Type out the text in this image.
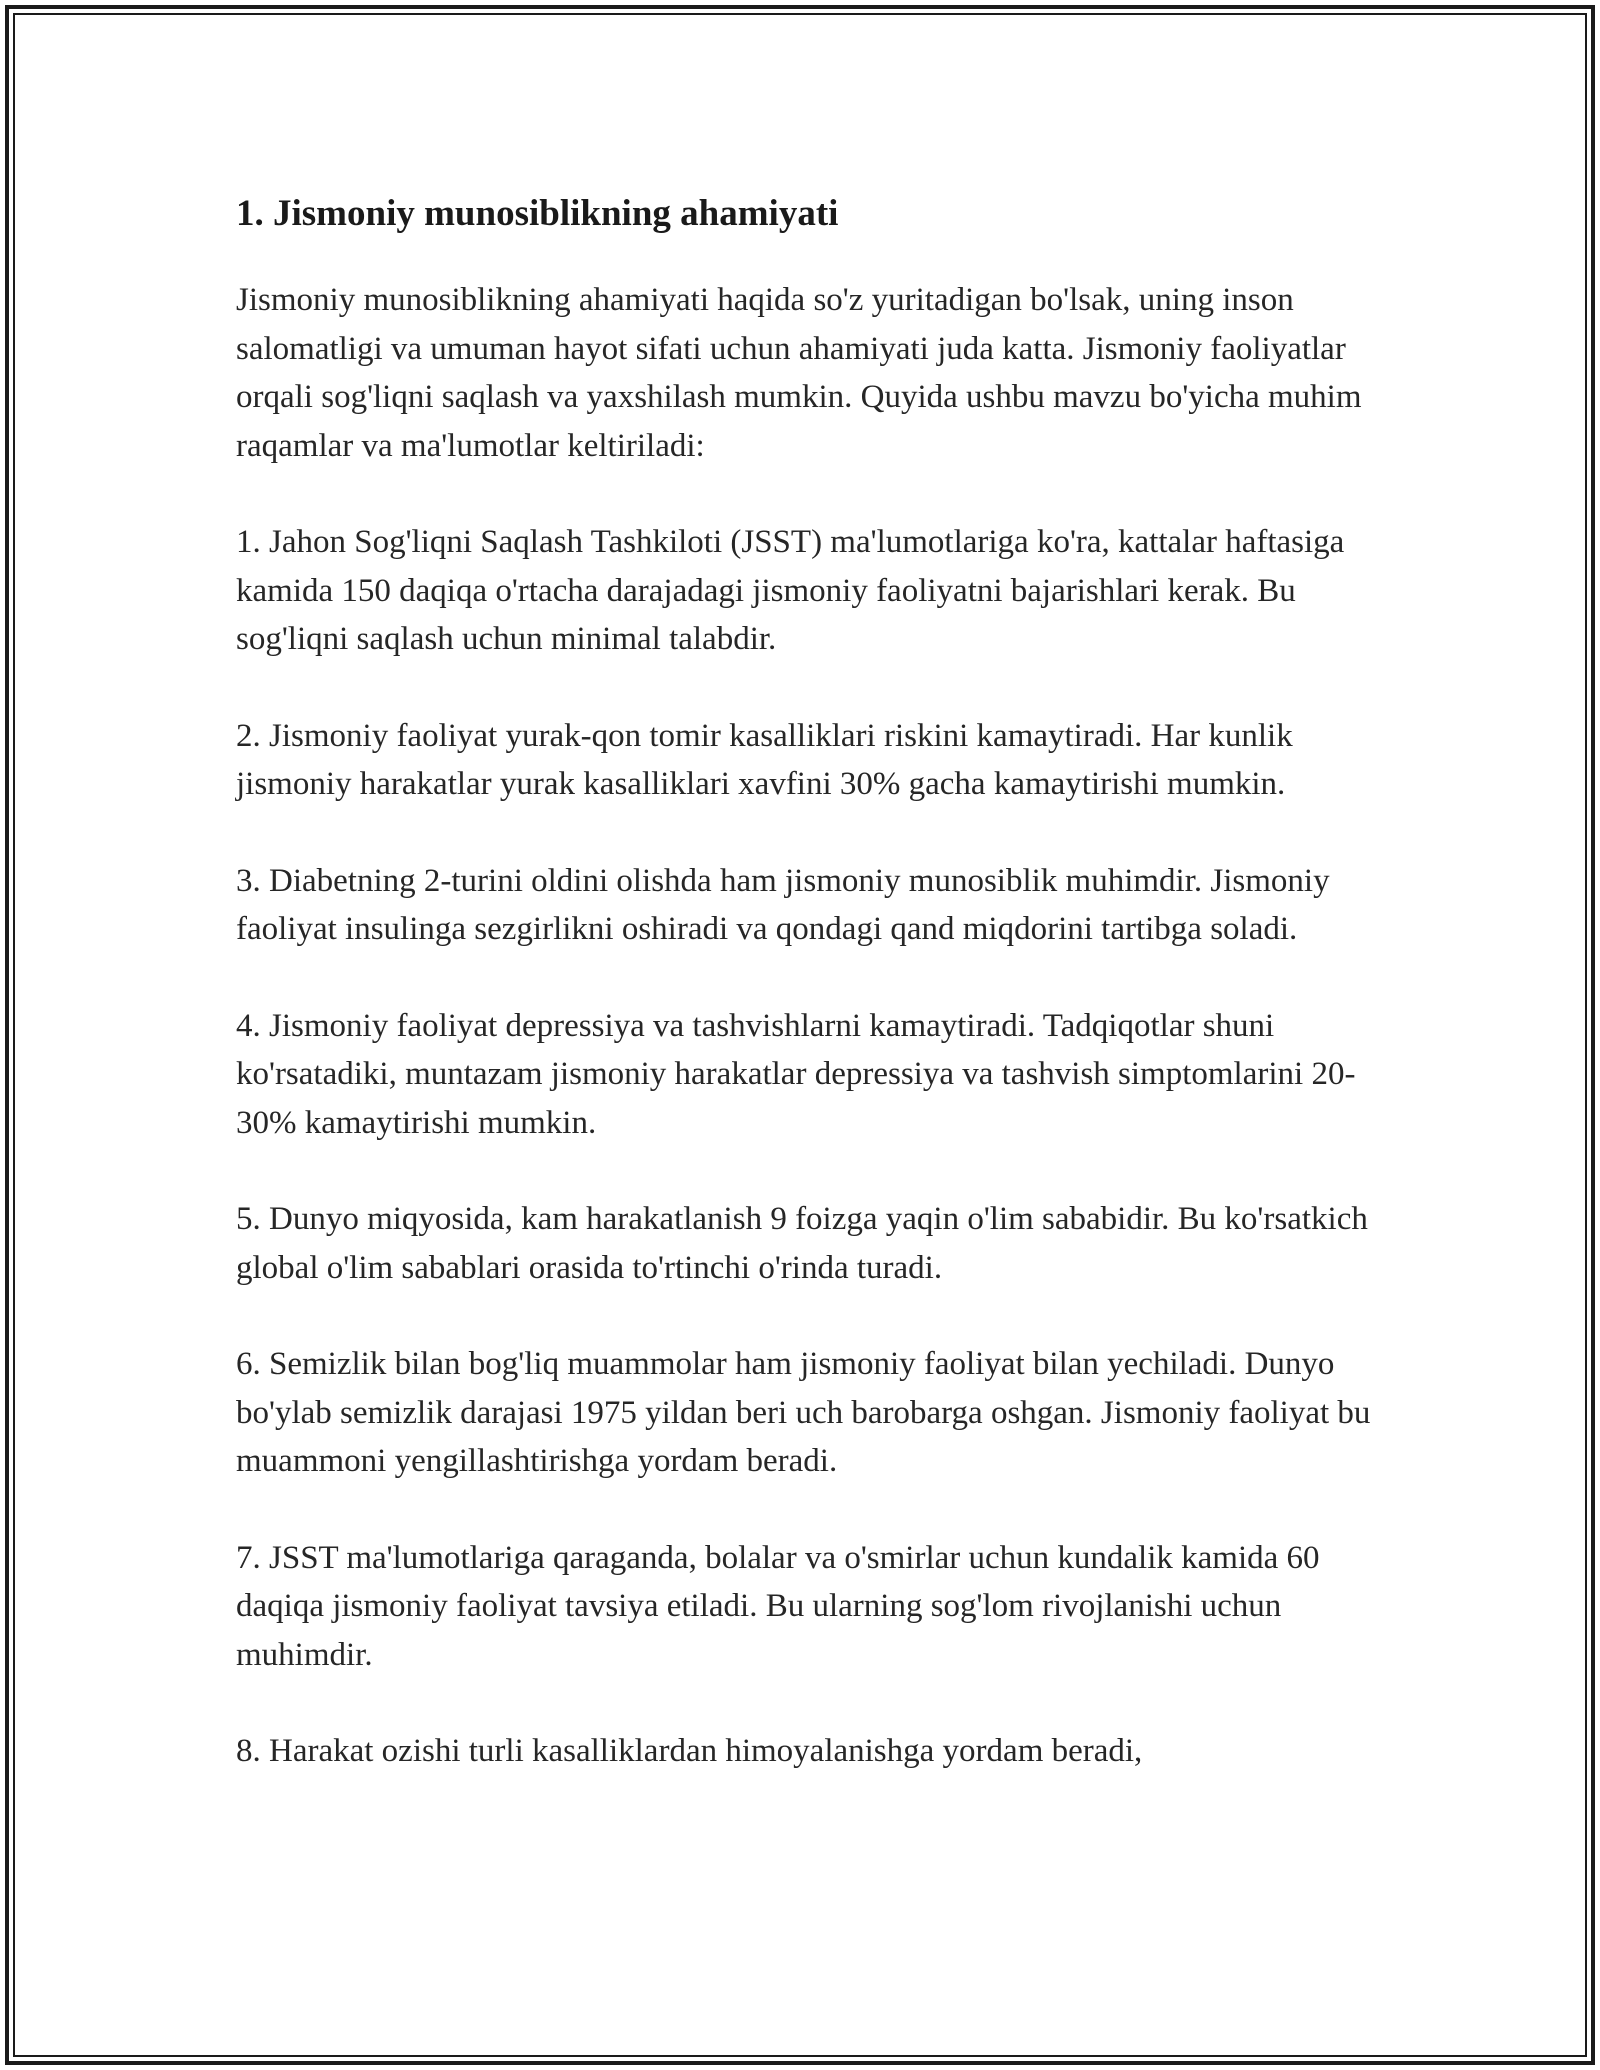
1. Jismoniy munosiblikning ahamiyati

Jismoniy munosiblikning ahamiyati haqida so'z yuritadigan bo'lsak, uning inson salomatligi va umuman hayot sifati uchun ahamiyati juda katta. Jismoniy faoliyatlar orqali sog'liqni saqlash va yaxshilash mumkin. Quyida ushbu mavzu bo'yicha muhim raqamlar va ma'lumotlar keltiriladi:

1. Jahon Sog'liqni Saqlash Tashkiloti (JSST) ma'lumotlariga ko'ra, kattalar haftasiga kamida 150 daqiqa o'rtacha darajadagi jismoniy faoliyatni bajarishlari kerak. Bu sog'liqni saqlash uchun minimal talabdir.

2. Jismoniy faoliyat yurak-qon tomir kasalliklari riskini kamaytiradi. Har kunlik jismoniy harakatlar yurak kasalliklari xavfini 30% gacha kamaytirishi mumkin.

3. Diabetning 2-turini oldini olishda ham jismoniy munosiblik muhimdir. Jismoniy faoliyat insulinga sezgirlikni oshiradi va qondagi qand miqdorini tartibga soladi.

4. Jismoniy faoliyat depressiya va tashvishlarni kamaytiradi. Tadqiqotlar shuni ko'rsatadiki, muntazam jismoniy harakatlar depressiya va tashvish simptomlarini 20-30% kamaytirishi mumkin.

5. Dunyo miqyosida, kam harakatlanish 9 foizga yaqin o'lim sababidir. Bu ko'rsatkich global o'lim sabablari orasida to'rtinchi o'rinda turadi.

6. Semizlik bilan bog'liq muammolar ham jismoniy faoliyat bilan yechiladi. Dunyo bo'ylab semizlik darajasi 1975 yildan beri uch barobarga oshgan. Jismoniy faoliyat bu muammoni yengillashtirishga yordam beradi.

7. JSST ma'lumotlariga qaraganda, bolalar va o'smirlar uchun kundalik kamida 60 daqiqa jismoniy faoliyat tavsiya etiladi. Bu ularning sog'lom rivojlanishi uchun muhimdir.

8. Harakat ozishi turli kasalliklardan himoyalanishga yordam beradi,
